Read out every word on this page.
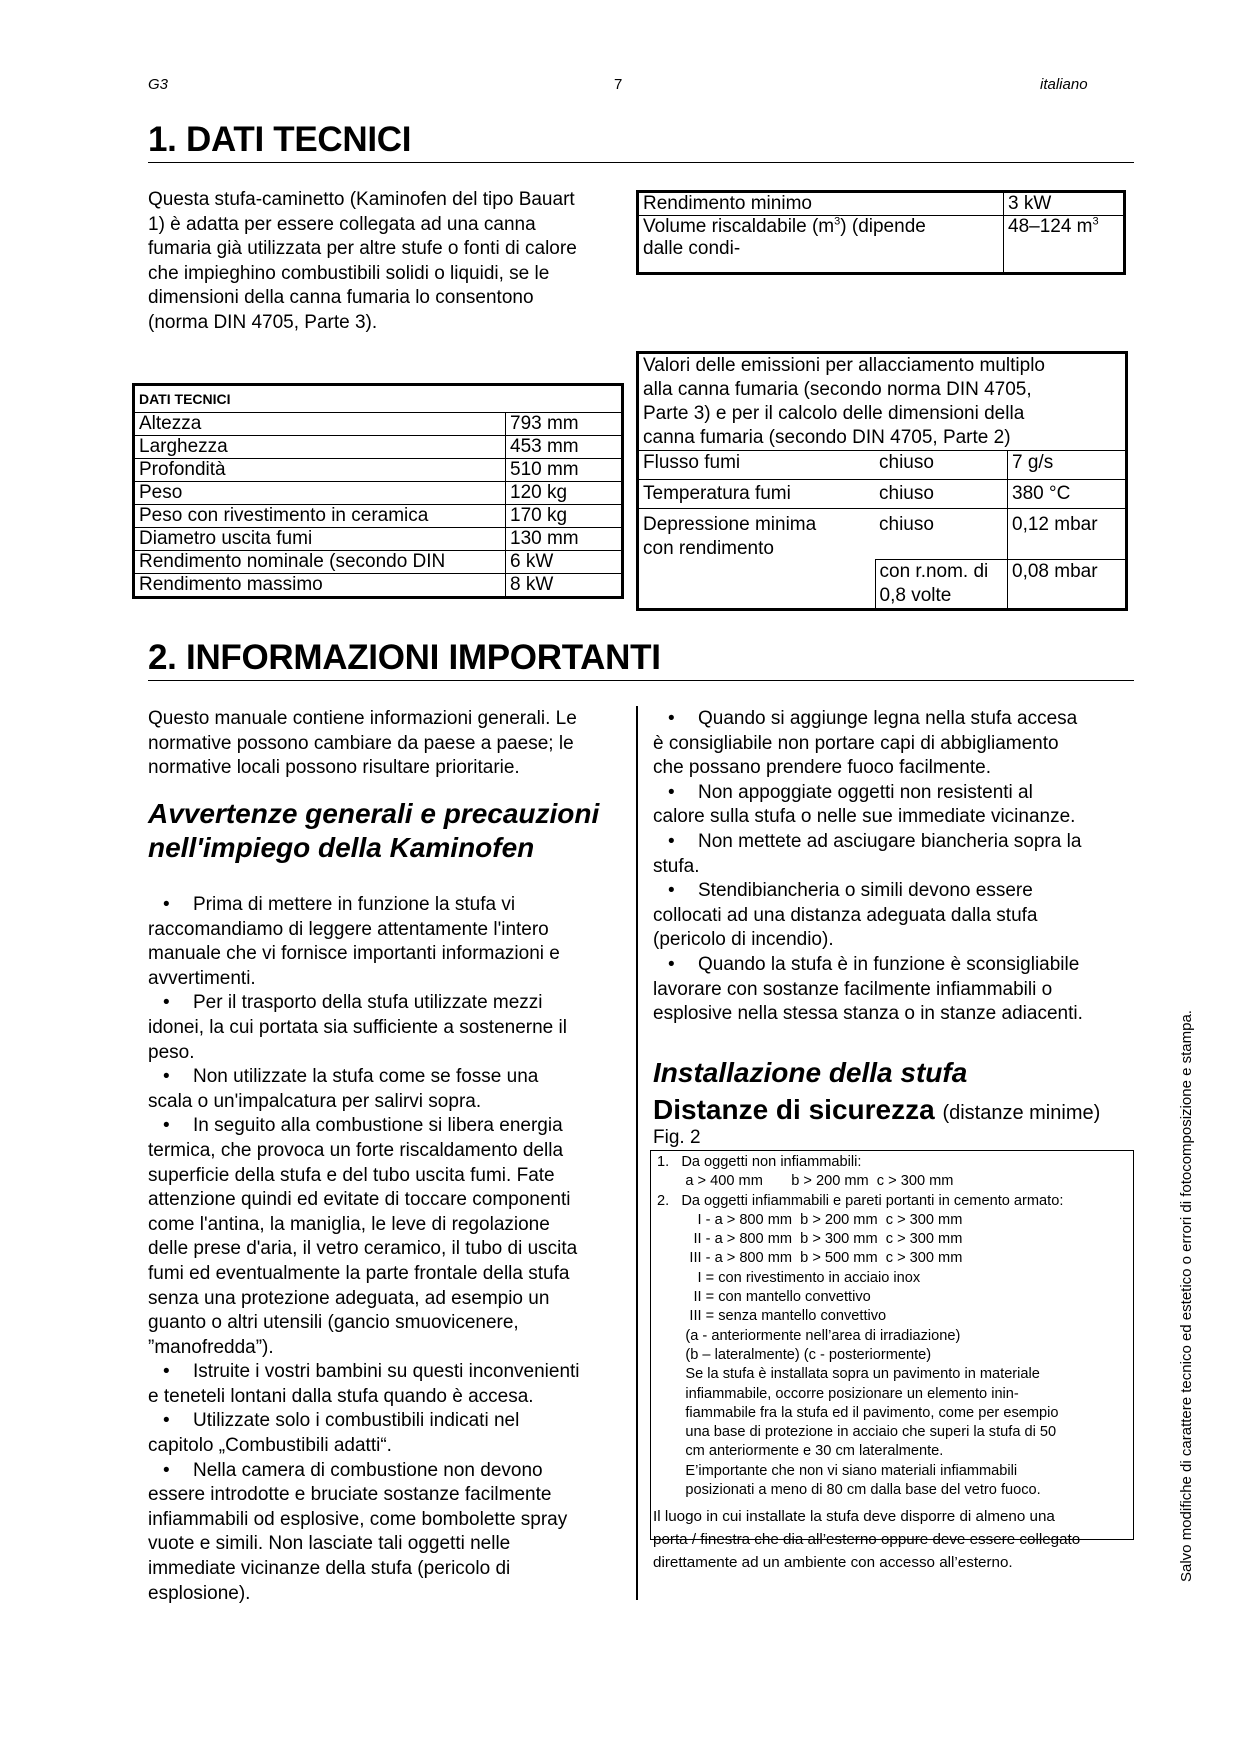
G3	7	italiano
1. DATI TECNICI
Questa stufa-caminetto (Kaminofen del tipo Bauart
1) è adatta per essere collegata ad una canna
fumaria già utilizzata per altre stufe o fonti di calore
che impieghino combustibili solidi o liquidi, se le
dimensioni della canna fumaria lo consentono
(norma DIN 4705, Parte 3).
Rendimento minimo	3 kW
Volume riscaldabile $(m^3)$ (dipende
dalle condi-	48–124 $m^3$
DATI TECNICI	
Altezza	793 mm
Larghezza	453 mm
Profondità	510 mm
Peso	120 kg
Peso con rivestimento in ceramica	170 kg
Diametro uscita fumi	130 mm
Rendimento nominale (secondo DIN	6 kW
Rendimento massimo	8 kW
Valori delle emissioni per allacciamento multiplo
alla canna fumaria (secondo norma DIN 4705,
Parte 3) e per il calcolo delle dimensioni della
canna fumaria (secondo DIN 4705, Parte 2)		

Flusso fumi	chiuso	7 g/s
Temperatura fumi	chiuso	380 °C
Depressione minima
con rendimento	chiuso	0,12 mbar
	con r.nom. di
0,8 volte	0,08 mbar
2. INFORMAZIONI IMPORTANTI
Questo manuale contiene informazioni generali. Le
normative possono cambiare da paese a paese; le
normative locali possono risultare prioritarie.
Avvertenze generali e precauzioni
nell'impiego della Kaminofen
• Prima di mettere in funzione la stufa vi
raccomandiamo di leggere attentamente l'intero
manuale che vi fornisce importanti informazioni e
avvertimenti.
• Per il trasporto della stufa utilizzate mezzi
idonei, la cui portata sia sufficiente a sostenerne il
peso.
• Non utilizzate la stufa come se fosse una
scala o un'impalcatura per salirvi sopra.
• In seguito alla combustione si libera energia
termica, che provoca un forte riscaldamento della
superficie della stufa e del tubo uscita fumi. Fate
attenzione quindi ed evitate di toccare componenti
come l'antina, la maniglia, le leve di regolazione
delle prese d'aria, il vetro ceramico, il tubo di uscita
fumi ed eventualmente la parte frontale della stufa
senza una protezione adeguata, ad esempio un
guanto o altri utensili (gancio smuovicenere,
”manofredda”).
• Istruite i vostri bambini su questi inconvenienti
e teneteli lontani dalla stufa quando è accesa.
• Utilizzate solo i combustibili indicati nel
capitolo „Combustibili adatti“.
• Nella camera di combustione non devono
essere introdotte e bruciate sostanze facilmente
infiammabili od esplosive, come bombolette spray
vuote e simili. Non lasciate tali oggetti nelle
immediate vicinanze della stufa (pericolo di
esplosione).
• Quando si aggiunge legna nella stufa accesa
è consigliabile non portare capi di abbigliamento
che possano prendere fuoco facilmente.
• Non appoggiate oggetti non resistenti al
calore sulla stufa o nelle sue immediate vicinanze.
• Non mettete ad asciugare biancheria sopra la
stufa.
• Stendibiancheria o simili devono essere
collocati ad una distanza adeguata dalla stufa
(pericolo di incendio).
• Quando la stufa è in funzione è sconsigliabile
lavorare con sostanze facilmente infiammabili o
esplosive nella stessa stanza o in stanze adiacenti.
Installazione della stufa
Distanze di sicurezza (distanze minime)
Fig. 2
1.   Da oggetti non infiammabili:
a > 400 mm       b > 200 mm  c > 300 mm
2.   Da oggetti infiammabili e pareti portanti in cemento armato:
I - a > 800 mm  b > 200 mm  c > 300 mm
II - a > 800 mm  b > 300 mm  c > 300 mm
III - a > 800 mm  b > 500 mm  c > 300 mm
I = con rivestimento in acciaio inox
II = con mantello convettivo
III = senza mantello convettivo
(a - anteriormente nell’area di irradiazione)
(b – lateralmente) (c - posteriormente)
Se la stufa è installata sopra un pavimento in materiale
infiammabile, occorre posizionare un elemento inin-
fiammabile fra la stufa ed il pavimento, come per esempio
una base di protezione in acciaio che superi la stufa di 50
cm anteriormente e 30 cm lateralmente.
E’importante che non vi siano materiali infiammabili
posizionati a meno di 80 cm dalla base del vetro fuoco.
Il luogo in cui installate la stufa deve disporre di almeno una
porta / finestra che dia all’esterno oppure deve essere collegato
direttamente ad un ambiente con accesso all’esterno.	Salvo modifiche di carattere tecnico ed estetico o errori di fotocomposizione e stampa.
